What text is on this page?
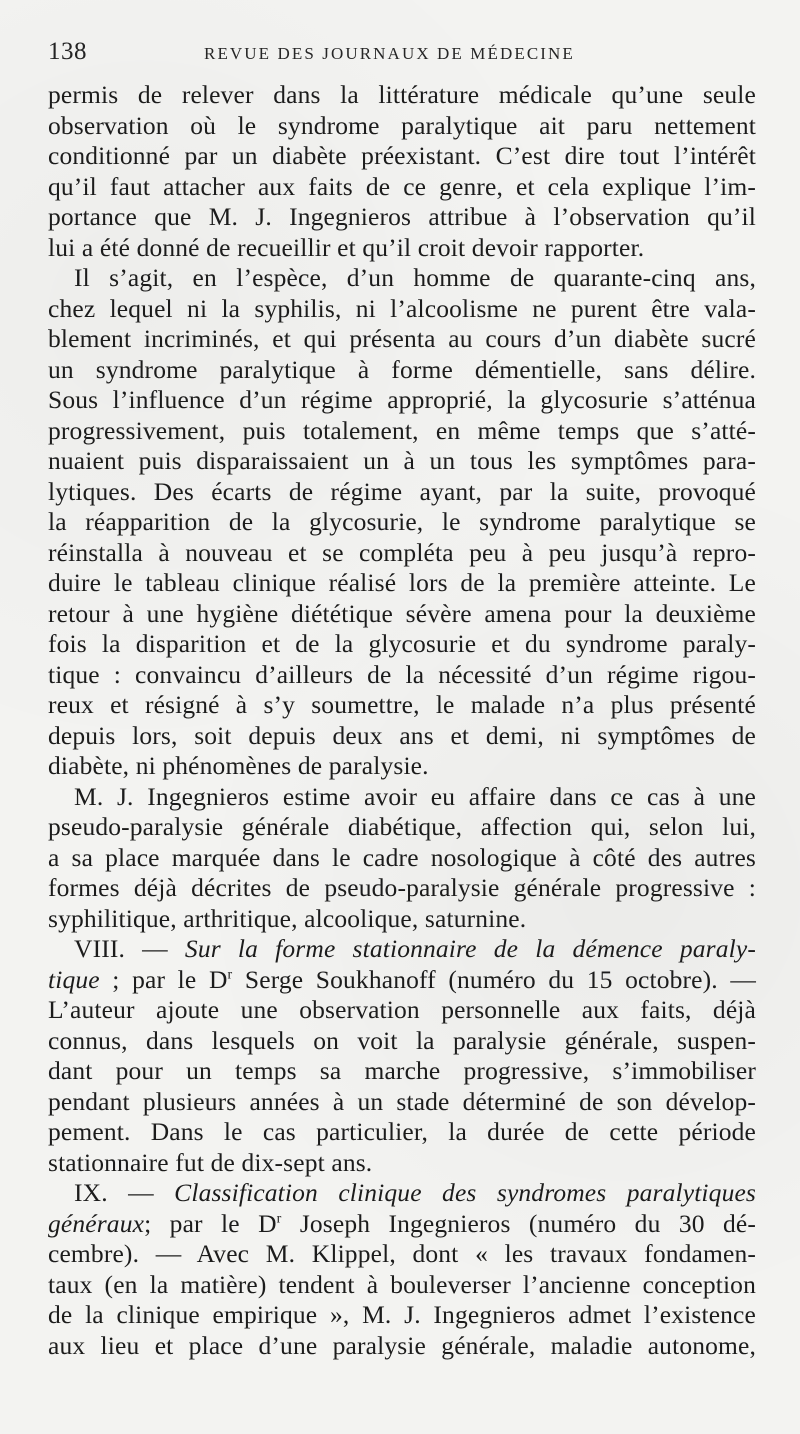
138	REVUE DES JOURNAUX DE MÉDECINE
permis de relever dans la littérature médicale qu’une seule
observation où le syndrome paralytique ait paru nettement
conditionné par un diabète préexistant. C’est dire tout l’intérêt
qu’il faut attacher aux faits de ce genre, et cela explique l’im-
portance que M. J. Ingegnieros attribue à l’observation qu’il
lui a été donné de recueillir et qu’il croit devoir rapporter.
Il s’agit, en l’espèce, d’un homme de quarante-cinq ans,
chez lequel ni la syphilis, ni l’alcoolisme ne purent être vala-
blement incriminés, et qui présenta au cours d’un diabète sucré
un syndrome paralytique à forme démentielle, sans délire.
Sous l’influence d’un régime approprié, la glycosurie s’atténua
progressivement, puis totalement, en même temps que s’atté-
nuaient puis disparaissaient un à un tous les symptômes para-
lytiques. Des écarts de régime ayant, par la suite, provoqué
la réapparition de la glycosurie, le syndrome paralytique se
réinstalla à nouveau et se compléta peu à peu jusqu’à repro-
duire le tableau clinique réalisé lors de la première atteinte. Le
retour à une hygiène diététique sévère amena pour la deuxième
fois la disparition et de la glycosurie et du syndrome paraly-
tique : convaincu d’ailleurs de la nécessité d’un régime rigou-
reux et résigné à s’y soumettre, le malade n’a plus présenté
depuis lors, soit depuis deux ans et demi, ni symptômes de
diabète, ni phénomènes de paralysie.
M. J. Ingegnieros estime avoir eu affaire dans ce cas à une
pseudo-paralysie générale diabétique, affection qui, selon lui,
a sa place marquée dans le cadre nosologique à côté des autres
formes déjà décrites de pseudo-paralysie générale progressive :
syphilitique, arthritique, alcoolique, saturnine.
VIII. — Sur la forme stationnaire de la démence paraly-
tique ; par le $D^r$ Serge Soukhanoff (numéro du 15 octobre). —
L’auteur ajoute une observation personnelle aux faits, déjà
connus, dans lesquels on voit la paralysie générale, suspen-
dant pour un temps sa marche progressive, s’immobiliser
pendant plusieurs années à un stade déterminé de son dévelop-
pement. Dans le cas particulier, la durée de cette période
stationnaire fut de dix-sept ans.
IX. — Classification clinique des syndromes paralytiques
généraux; par le $D^r$ Joseph Ingegnieros (numéro du 30 dé-
cembre). — Avec M. Klippel, dont « les travaux fondamen-
taux (en la matière) tendent à bouleverser l’ancienne conception
de la clinique empirique », M. J. Ingegnieros admet l’existence
aux lieu et place d’une paralysie générale, maladie autonome,
